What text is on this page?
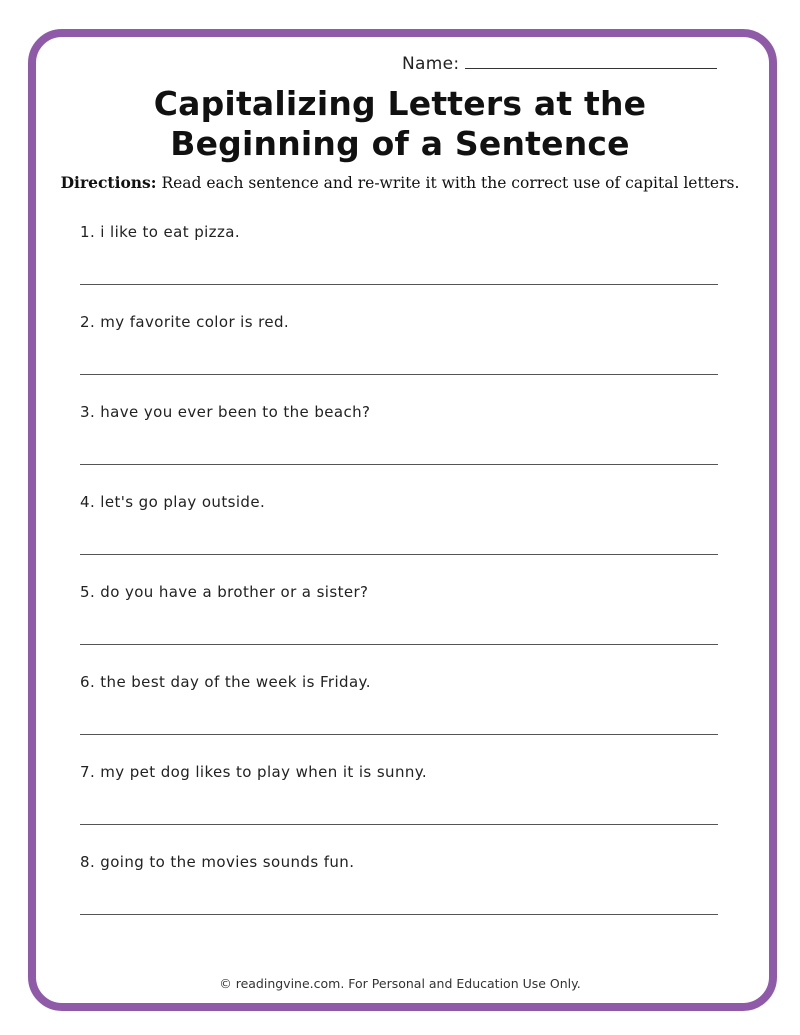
Name:
Capitalizing Letters at the
Beginning of a Sentence
Directions: Read each sentence and re-write it with the correct use of capital letters.
1. i like to eat pizza.
2. my favorite color is red.
3. have you ever been to the beach?
4. let's go play outside.
5. do you have a brother or a sister?
6. the best day of the week is Friday.
7. my pet dog likes to play when it is sunny.
8. going to the movies sounds fun.
© readingvine.com. For Personal and Education Use Only.
